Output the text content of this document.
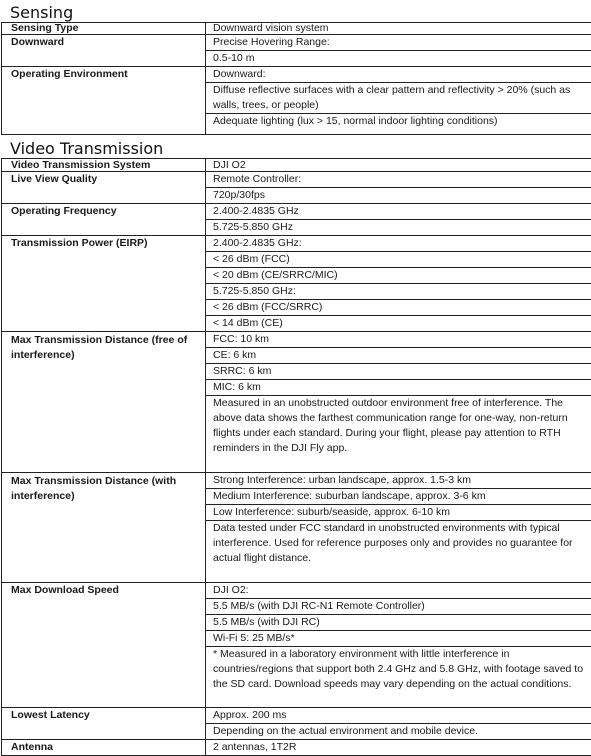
Sensing
Sensing Type	Downward vision system
Downward	Precise Hovering Range:
	0.5-10 m
Operating Environment	Downward:
	Diffuse reflective surfaces with a clear pattern and reflectivity > 20% (such as walls, trees, or people)
	Adequate lighting (lux > 15, normal indoor lighting conditions)
Video Transmission
Video Transmission System	DJI O2
Live View Quality	Remote Controller:
	720p/30fps
Operating Frequency	2.400-2.4835 GHz
	5.725-5.850 GHz
Transmission Power (EIRP)	2.400-2.4835 GHz:
	< 26 dBm (FCC)
	< 20 dBm (CE/SRRC/MIC)
	5.725-5.850 GHz:
	< 26 dBm (FCC/SRRC)
	< 14 dBm (CE)
Max Transmission Distance (free of interference)	FCC: 10 km
	CE: 6 km
	SRRC: 6 km
	MIC: 6 km
	Measured in an unobstructed outdoor environment free of interference. The above data shows the farthest communication range for one-way, non-return flights under each standard. During your flight, please pay attention to RTH reminders in the DJI Fly app.
Max Transmission Distance (with interference)	Strong Interference: urban landscape, approx. 1.5-3 km
	Medium Interference: suburban landscape, approx. 3-6 km
	Low Interference: suburb/seaside, approx. 6-10 km
	Data tested under FCC standard in unobstructed environments with typical interference. Used for reference purposes only and provides no guarantee for actual flight distance.
Max Download Speed	DJI O2:
	5.5 MB/s (with DJI RC-N1 Remote Controller)
	5.5 MB/s (with DJI RC)
	Wi-Fi 5: 25 MB/s*
	* Measured in a laboratory environment with little interference in countries/regions that support both 2.4 GHz and 5.8 GHz, with footage saved to the SD card. Download speeds may vary depending on the actual conditions.
Lowest Latency	Approx. 200 ms
	Depending on the actual environment and mobile device.
Antenna	2 antennas, 1T2R
